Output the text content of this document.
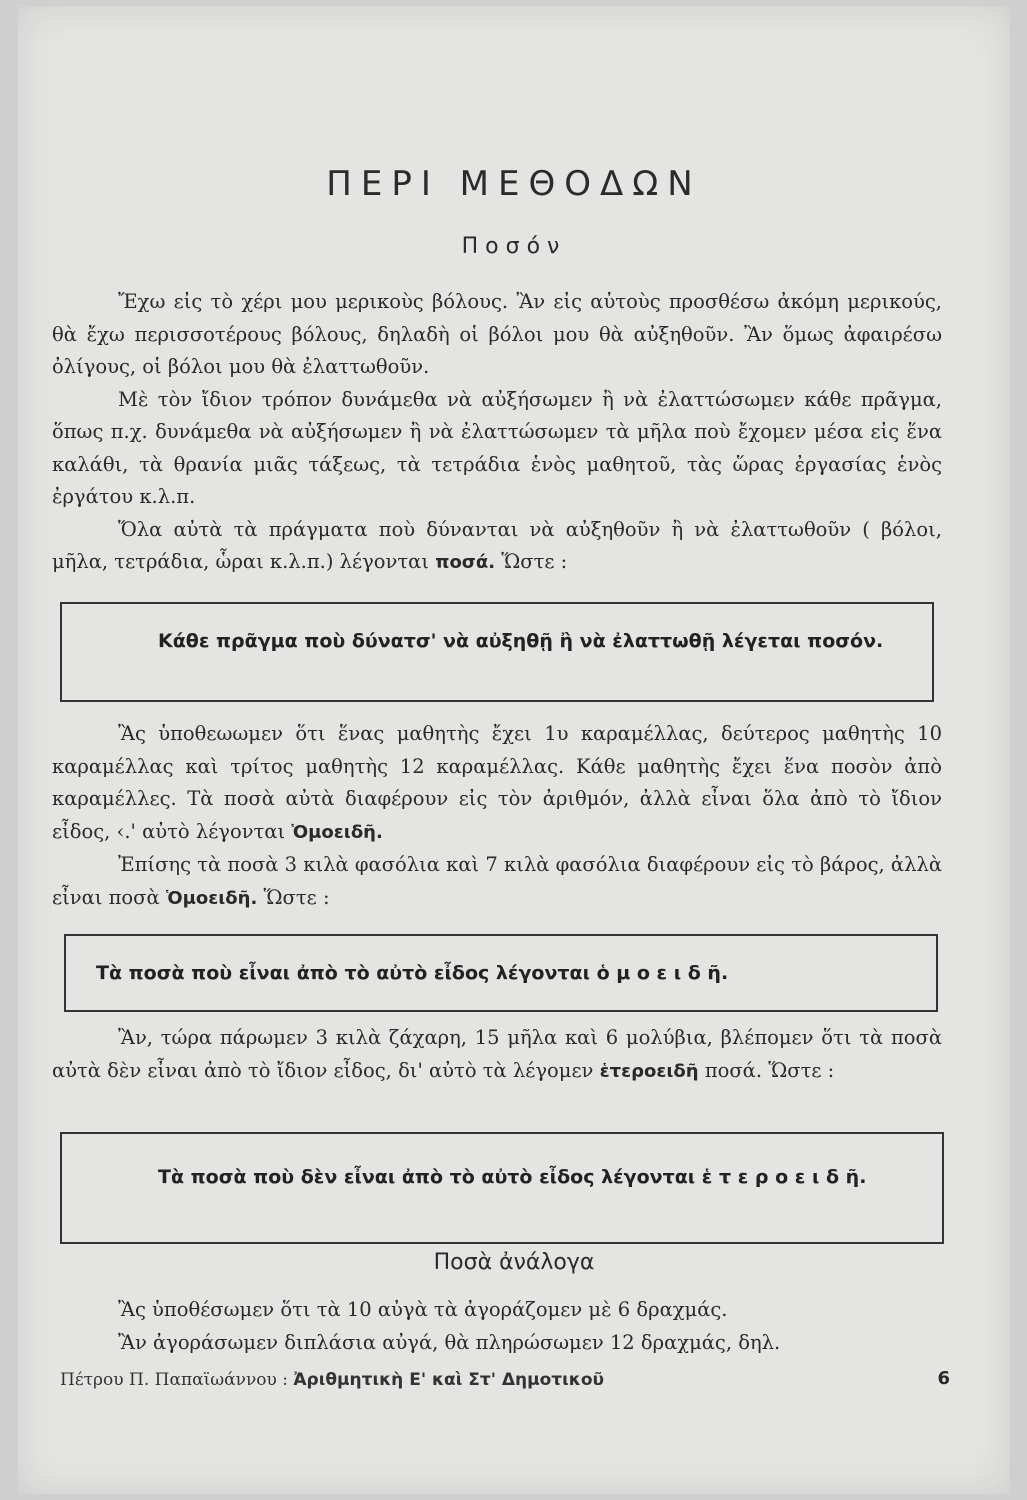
ΠΕΡΙ ΜΕΘΟΔΩΝ
Ποσόν

Ἔχω εἰς τὸ χέρι μου μερικοὺς βόλους. Ἂν εἰς αὐτοὺς προσθέσω ἀκόμη μερικούς, θὰ ἔχω περισσοτέρους βόλους, δηλαδὴ οἱ βόλοι μου θὰ αὐξηθοῦν. Ἂν ὅμως ἀφαιρέσω ὀλίγους, οἱ βόλοι μου θὰ ἐλαττωθοῦν.

Μὲ τὸν ἴδιον τρόπον δυνάμεθα νὰ αὐξήσωμεν ἢ νὰ ἐλαττώσωμεν κάθε πρᾶγμα, ὅπως π.χ. δυνάμεθα νὰ αὐξήσωμεν ἢ νὰ ἐλαττώσωμεν τὰ μῆλα ποὺ ἔχομεν μέσα εἰς ἕνα καλάθι, τὰ θρανία μιᾶς τάξεως, τὰ τετράδια ἑνὸς μαθητοῦ, τὰς ὥρας ἐργασίας ἑνὸς ἐργάτου κ.λ.π.

Ὅλα αὐτὰ τὰ πράγματα ποὺ δύνανται νὰ αὐξηθοῦν ἢ νὰ ἐλαττωθοῦν ( βόλοι, μῆλα, τετράδια, ὧραι κ.λ.π.) λέγονται ποσά. Ὥστε :

Κάθε πρᾶγμα ποὺ δύνατσ' νὰ αὐξηθῇ ἢ νὰ ἐλαττωθῇ λέγεται ποσόν.

Ἂς ὑποθεωωμεν ὅτι ἕνας μαθητὴς ἔχει 1υ καραμέλλας, δεύτερος μαθητὴς 10 καραμέλλας καὶ τρίτος μαθητὴς 12 καραμέλλας. Κάθε μαθητὴς ἔχει ἕνα ποσὸν ἀπὸ καραμέλλες. Τὰ ποσὰ αὐτὰ διαφέρουν εἰς τὸν ἀριθμόν, ἀλλὰ εἶναι ὅλα ἀπὸ τὸ ἴδιον εἶδος, ‹.' αὐτὸ λέγονται Ὁμοειδῆ.

Ἐπίσης τὰ ποσὰ 3 κιλὰ φασόλια καὶ 7 κιλὰ φασόλια διαφέρουν εἰς τὸ βάρος, ἀλλὰ εἶναι ποσὰ Ὁμοειδῆ. Ὥστε :

Τὰ ποσὰ ποὺ εἶναι ἀπὸ τὸ αὐτὸ εἶδος λέγονται ὁ μ ο ε ι δ ῆ.

Ἂν, τώρα πάρωμεν 3 κιλὰ ζάχαρη, 15 μῆλα καὶ 6 μολύβια, βλέπομεν ὅτι τὰ ποσὰ αὐτὰ δὲν εἶναι ἀπὸ τὸ ἴδιον εἶδος, δι' αὐτὸ τὰ λέγομεν ἑτεροειδῆ ποσά. Ὥστε :

Τὰ ποσὰ ποὺ δὲν εἶναι ἀπὸ τὸ αὐτὸ εἶδος λέγονται ἑ τ ε ρ ο ε ι δ ῆ.
Ποσὰ ἀνάλογα

Ἂς ὑποθέσωμεν ὅτι τὰ 10 αὐγὰ τὰ ἀγοράζομεν μὲ 6 δραχμάς.

Ἂν ἀγοράσωμεν διπλάσια αὐγά, θὰ πληρώσωμεν 12 δραχμάς, δηλ.

Πέτρου Π. Παπαϊωάννου : Ἀριθμητικὴ Ε' καὶ Στ' Δημοτικοῦ	6
